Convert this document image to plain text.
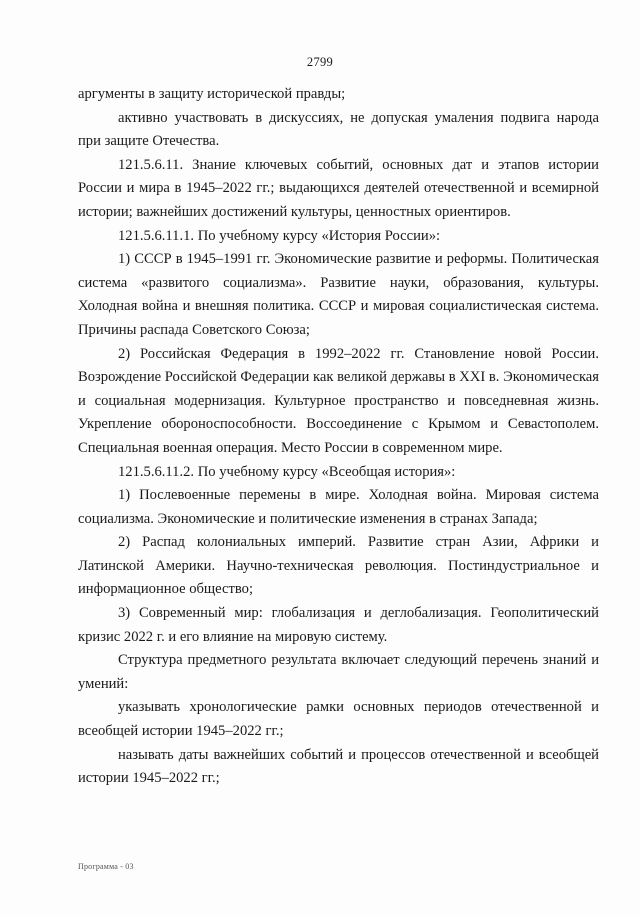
2799

аргументы в защиту исторической правды;

активно участвовать в дискуссиях, не допуская умаления подвига народа при защите Отечества.

121.5.6.11. Знание ключевых событий, основных дат и этапов истории России и мира в 1945–2022 гг.; выдающихся деятелей отечественной и всемирной истории; важнейших достижений культуры, ценностных ориентиров.

121.5.6.11.1. По учебному курсу «История России»:

1) СССР в 1945–1991 гг. Экономические развитие и реформы. Политическая система «развитого социализма». Развитие науки, образования, культуры. Холодная война и внешняя политика. СССР и мировая социалистическая система. Причины распада Советского Союза;

2) Российская Федерация в 1992–2022 гг. Становление новой России. Возрождение Российской Федерации как великой державы в XXI в. Экономическая и социальная модернизация. Культурное пространство и повседневная жизнь. Укрепление обороноспособности. Воссоединение с Крымом и Севастополем. Специальная военная операция. Место России в современном мире.

121.5.6.11.2. По учебному курсу «Всеобщая история»:

1) Послевоенные перемены в мире. Холодная война. Мировая система социализма. Экономические и политические изменения в странах Запада;

2) Распад колониальных империй. Развитие стран Азии, Африки и Латинской Америки. Научно-техническая революция. Постиндустриальное и информационное общество;

3) Современный мир: глобализация и деглобализация. Геополитический кризис 2022 г. и его влияние на мировую систему.

Структура предметного результата включает следующий перечень знаний и умений:

указывать хронологические рамки основных периодов отечественной и всеобщей истории 1945–2022 гг.;

называть даты важнейших событий и процессов отечественной и всеобщей истории 1945–2022 гг.;

Программа - 03
